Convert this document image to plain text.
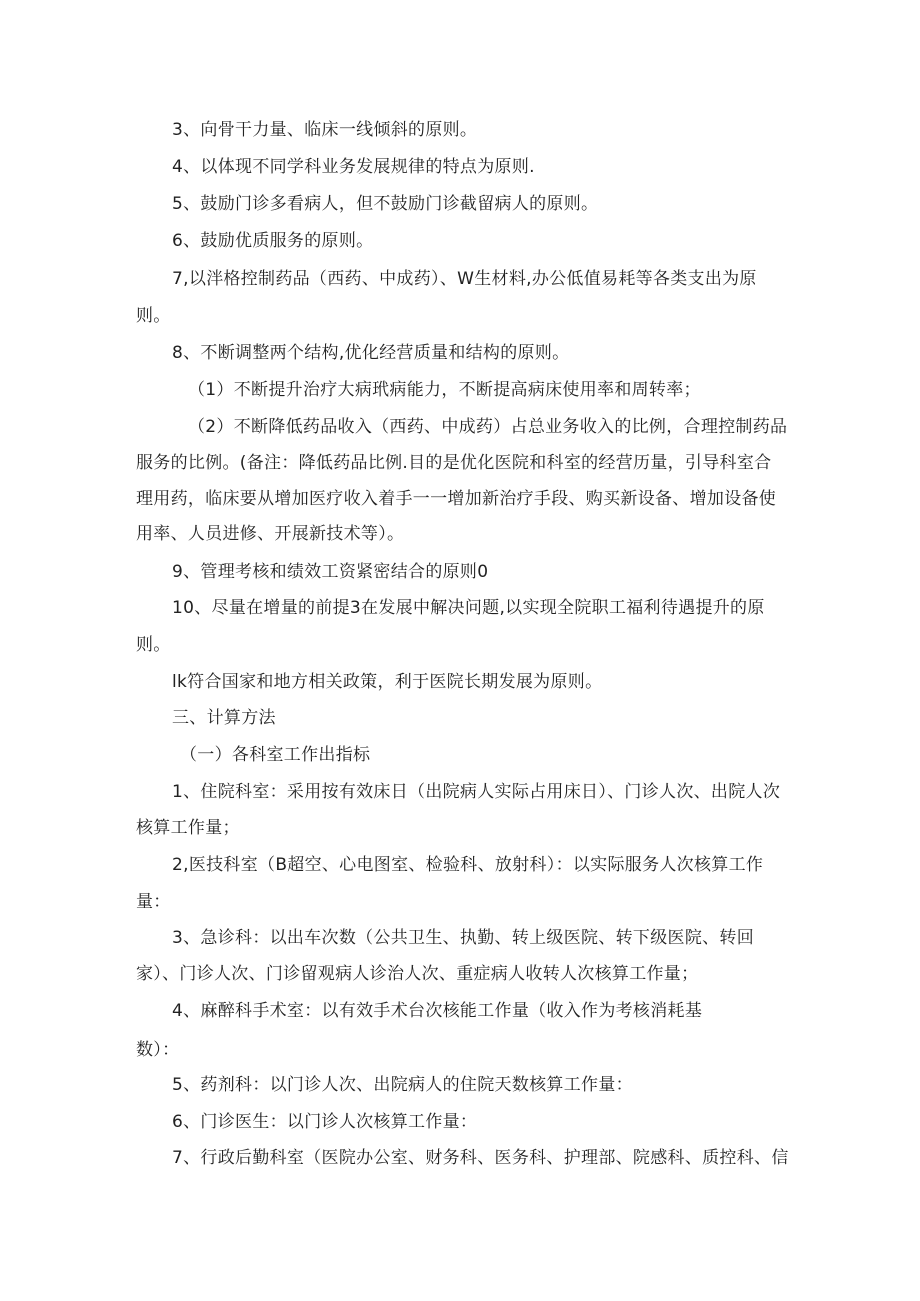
3、向骨干力量、临床一线倾斜的原则。
4、以体现不同学科业务发展规律的特点为原则.
5、鼓励门诊多看病人，但不鼓励门诊截留病人的原则。
6、鼓励优质服务的原则。
7,以泮格控制药品（西药、中成药）、W生材料,办公低值易耗等各类支出为原
则。
8、不断调整两个结构,优化经营质量和结构的原则。
（1）不断提升治疗大病玳病能力，不断提高病床使用率和周转率；
（2）不断降低药品收入（西药、中成药）占总业务收入的比例，合理控制药品
服务的比例。(备注：降低药品比例.目的是优化医院和科室的经营历量，引导科室合
理用药，临床要从增加医疗收入着手一一增加新治疗手段、购买新设备、增加设备使
用率、人员进修、开展新技术等）。
9、管理考核和绩效工资紧密结合的原则0
10、尽量在增量的前提3在发展中解决问题,以实现全院职工福利待遇提升的原
则。
lk符合国家和地方相关政策，利于医院长期发展为原则。
三、计算方法
（一）各科室工作出指标
1、住院科室：采用按有效床日（出院病人实际占用床日）、门诊人次、出院人次
核算工作量；
2,医技科室（B超空、心电图室、检验科、放射科）：以实际服务人次核算工作
量：
3、急诊科：以出车次数（公共卫生、执勤、转上级医院、转下级医院、转回
家）、门诊人次、门诊留观病人诊治人次、重症病人收转人次核算工作量；
4、麻醉科手术室：以有效手术台次核能工作量（收入作为考核消耗基
数）：
5、药剂科：以门诊人次、出院病人的住院天数核算工作量：
6、门诊医生：以门诊人次核算工作量：
7、行政后勤科室（医院办公室、财务科、医务科、护理部、院感科、质控科、信
